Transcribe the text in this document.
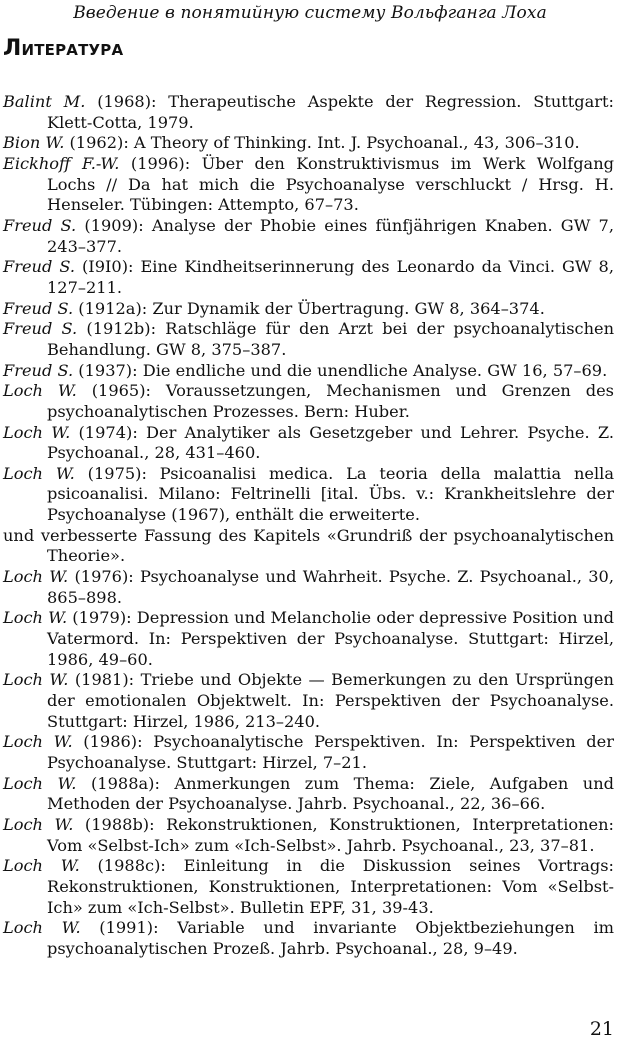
Введение в понятийную систему Вольфганга Лоха
Литература

Balint M. (1968): Therapeutische Aspekte der Regression. Stuttgart: Klett-Cotta, 1979.

Bion W. (1962): A Theory of Thinking. Int. J. Psychoanal., 43, 306–310.

Eickhoff F.-W. (1996): Über den Konstruktivismus im Werk Wolfgang Lochs // Da hat mich die Psychoanalyse verschluckt / Hrsg. H. Henseler. Tübingen: Attempto, 67–73.

Freud S. (1909): Analyse der Phobie eines fünfjährigen Knaben. GW 7, 243–377.

Freud S. (I9I0): Eine Kindheitserinnerung des Leonardo da Vinci. GW 8, 127–211.

Freud S. (1912a): Zur Dynamik der Übertragung. GW 8, 364–374.

Freud S. (1912b): Ratschläge für den Arzt bei der psychoanalytischen Behandlung. GW 8, 375–387.

Freud S. (1937): Die endliche und die unendliche Analyse. GW 16, 57–69.

Loch W. (1965): Voraussetzungen, Mechanismen und Grenzen des psychoanalytischen Prozesses. Bern: Huber.

Loch W. (1974): Der Analytiker als Gesetzgeber und Lehrer. Psyche. Z. Psychoanal., 28, 431–460.

Loch W. (1975): Psicoanalisi medica. La teoria della malattia nella psicoanalisi. Milano: Feltrinelli [ital. Übs. v.: Krankheitslehre der Psychoanalyse (1967), enthält die erweiterte.

und verbesserte Fassung des Kapitels «Grundriß der psychoanalytischen Theorie».

Loch W. (1976): Psychoanalyse und Wahrheit. Psyche. Z. Psychoanal., 30, 865–898.

Loch W. (1979): Depression und Melancholie oder depressive Position und Vatermord. In: Perspektiven der Psychoanalyse. Stuttgart: Hirzel, 1986, 49–60.

Loch W. (1981): Triebe und Objekte — Bemerkungen zu den Ursprüngen der emotionalen Objektwelt. In: Perspektiven der Psychoanalyse. Stuttgart: Hirzel, 1986, 213–240.

Loch W. (1986): Psychoanalytische Perspektiven. In: Perspektiven der Psychoanalyse. Stuttgart: Hirzel, 7–21.

Loch W. (1988a): Anmerkungen zum Thema: Ziele, Aufgaben und Methoden der Psychoanalyse. Jahrb. Psychoanal., 22, 36–66.

Loch W. (1988b): Rekonstruktionen, Konstruktionen, Interpretationen: Vom «Selbst-Ich» zum «Ich-Selbst». Jahrb. Psychoanal., 23, 37–81.

Loch W. (1988c): Einleitung in die Diskussion seines Vortrags: Rekonstruktionen, Konstruktionen, Interpretationen: Vom «Selbst-Ich» zum «Ich-Selbst». Bulletin EPF, 31, 39-43.

Loch W. (1991): Variable und invariante Objektbeziehungen im psychoanalytischen Prozeß. Jahrb. Psychoanal., 28, 9–49.

21
